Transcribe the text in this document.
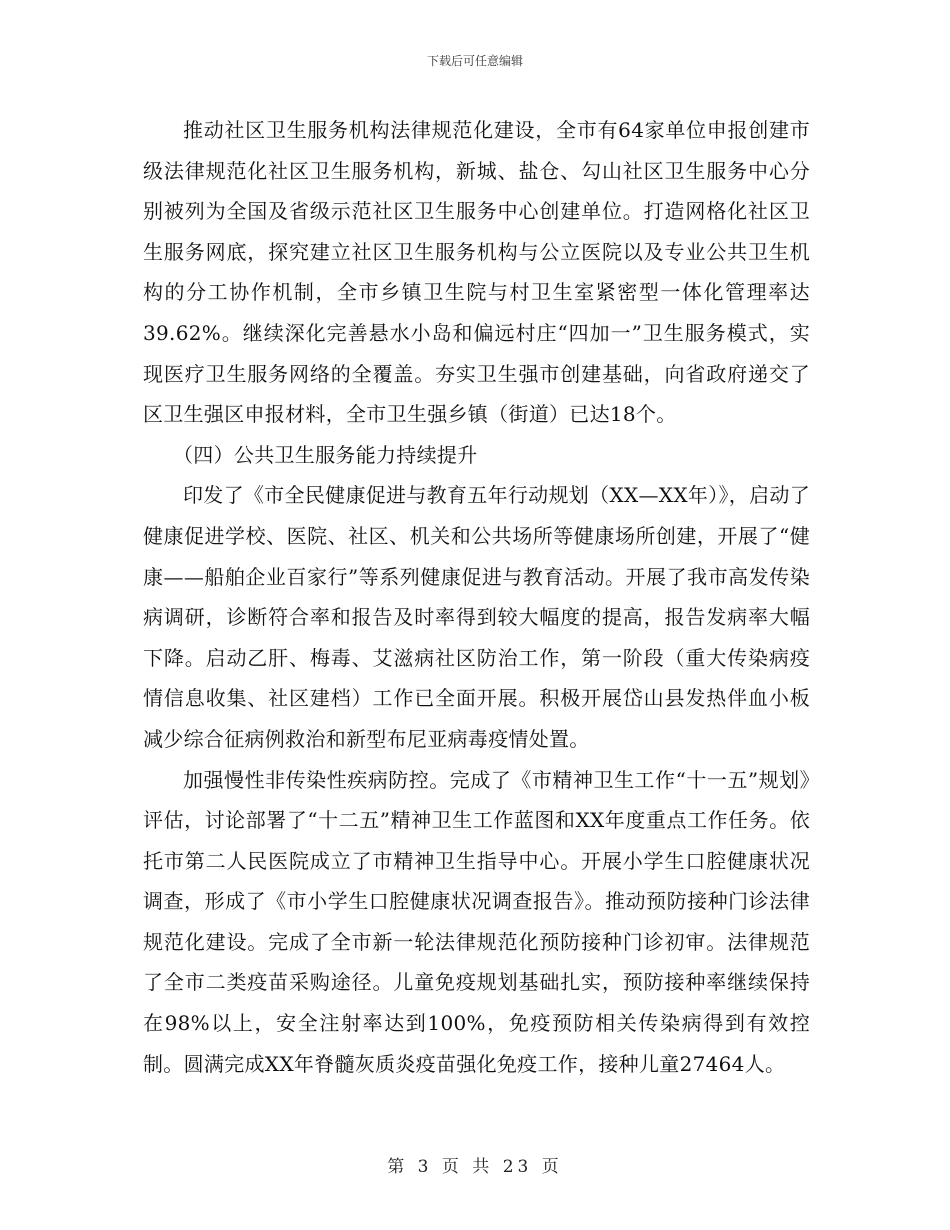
下载后可任意编辑

推动社区卫生服务机构法律规范化建设，全市有64家单位申报创建市级法律规范化社区卫生服务机构，新城、盐仓、勾山社区卫生服务中心分别被列为全国及省级示范社区卫生服务中心创建单位。打造网格化社区卫生服务网底，探究建立社区卫生服务机构与公立医院以及专业公共卫生机构的分工协作机制，全市乡镇卫生院与村卫生室紧密型一体化管理率达39.62%。继续深化完善悬水小岛和偏远村庄“四加一”卫生服务模式，实现医疗卫生服务网络的全覆盖。夯实卫生强市创建基础，向省政府递交了区卫生强区申报材料，全市卫生强乡镇（街道）已达18个。

（四）公共卫生服务能力持续提升

印发了《市全民健康促进与教育五年行动规划（XX—XX年）》，启动了健康促进学校、医院、社区、机关和公共场所等健康场所创建，开展了“健康——船舶企业百家行”等系列健康促进与教育活动。开展了我市高发传染病调研，诊断符合率和报告及时率得到较大幅度的提高，报告发病率大幅下降。启动乙肝、梅毒、艾滋病社区防治工作，第一阶段（重大传染病疫情信息收集、社区建档）工作已全面开展。积极开展岱山县发热伴血小板减少综合征病例救治和新型布尼亚病毒疫情处置。

加强慢性非传染性疾病防控。完成了《市精神卫生工作“十一五”规划》评估，讨论部署了“十二五”精神卫生工作蓝图和XX年度重点工作任务。依托市第二人民医院成立了市精神卫生指导中心。开展小学生口腔健康状况调查，形成了《市小学生口腔健康状况调查报告》。推动预防接种门诊法律规范化建设。完成了全市新一轮法律规范化预防接种门诊初审。法律规范了全市二类疫苗采购途径。儿童免疫规划基础扎实，预防接种率继续保持在98%以上，安全注射率达到100%，免疫预防相关传染病得到有效控制。圆满完成XX年脊髓灰质炎疫苗强化免疫工作，接种儿童27464人。

第 3 页 共 23 页
